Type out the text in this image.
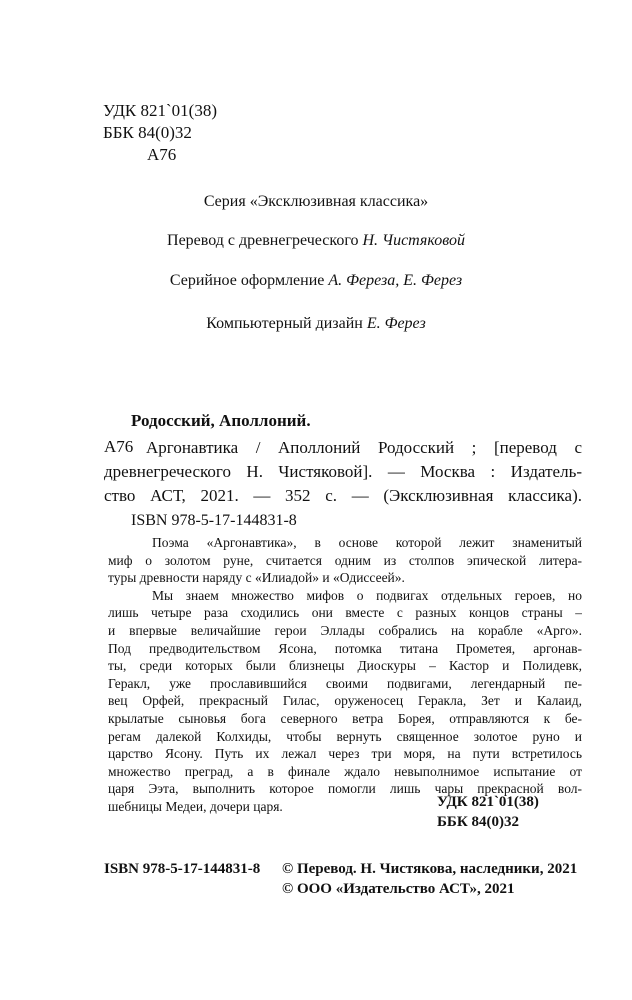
УДК 821`01(38)
ББК 84(0)32
А76
Серия «Эксклюзивная классика»
Перевод с древнегреческого Н. Чистяковой
Серийное оформление А. Фереза, Е. Ферез
Компьютерный дизайн Е. Ферез
Родосский, Аполлоний.
А76 Аргонавтика / Аполлоний Родосский ; [перевод с
древнегреческого Н. Чистяковой]. — Москва : Издатель-
ство АСТ, 2021. — 352 с. — (Эксклюзивная классика).
ISBN 978-5-17-144831-8
Поэма «Аргонавтика», в основе которой лежит знаменитый
миф о золотом руне, считается одним из столпов эпической литера-
туры древности наряду с «Илиадой» и «Одиссеей».
Мы знаем множество мифов о подвигах отдельных героев, но
лишь четыре раза сходились они вместе с разных концов страны –
и впервые величайшие герои Эллады собрались на корабле «Арго».
Под предводительством Ясона, потомка титана Прометея, аргонав-
ты, среди которых были близнецы Диоскуры – Кастор и Полидевк,
Геракл, уже прославившийся своими подвигами, легендарный пе-
вец Орфей, прекрасный Гилас, оруженосец Геракла, Зет и Калаид,
крылатые сыновья бога северного ветра Борея, отправляются к бе-
регам далекой Колхиды, чтобы вернуть священное золотое руно и
царство Ясону. Путь их лежал через три моря, на пути встретилось
множество преград, а в финале ждало невыполнимое испытание от
царя Ээта, выполнить которое помогли лишь чары прекрасной вол-
шебницы Медеи, дочери царя.	УДК 821`01(38)
ББК 84(0)32
ISBN 978-5-17-144831-8 © Перевод. Н. Чистякова, наследники, 2021
© ООО «Издательство АСТ», 2021
